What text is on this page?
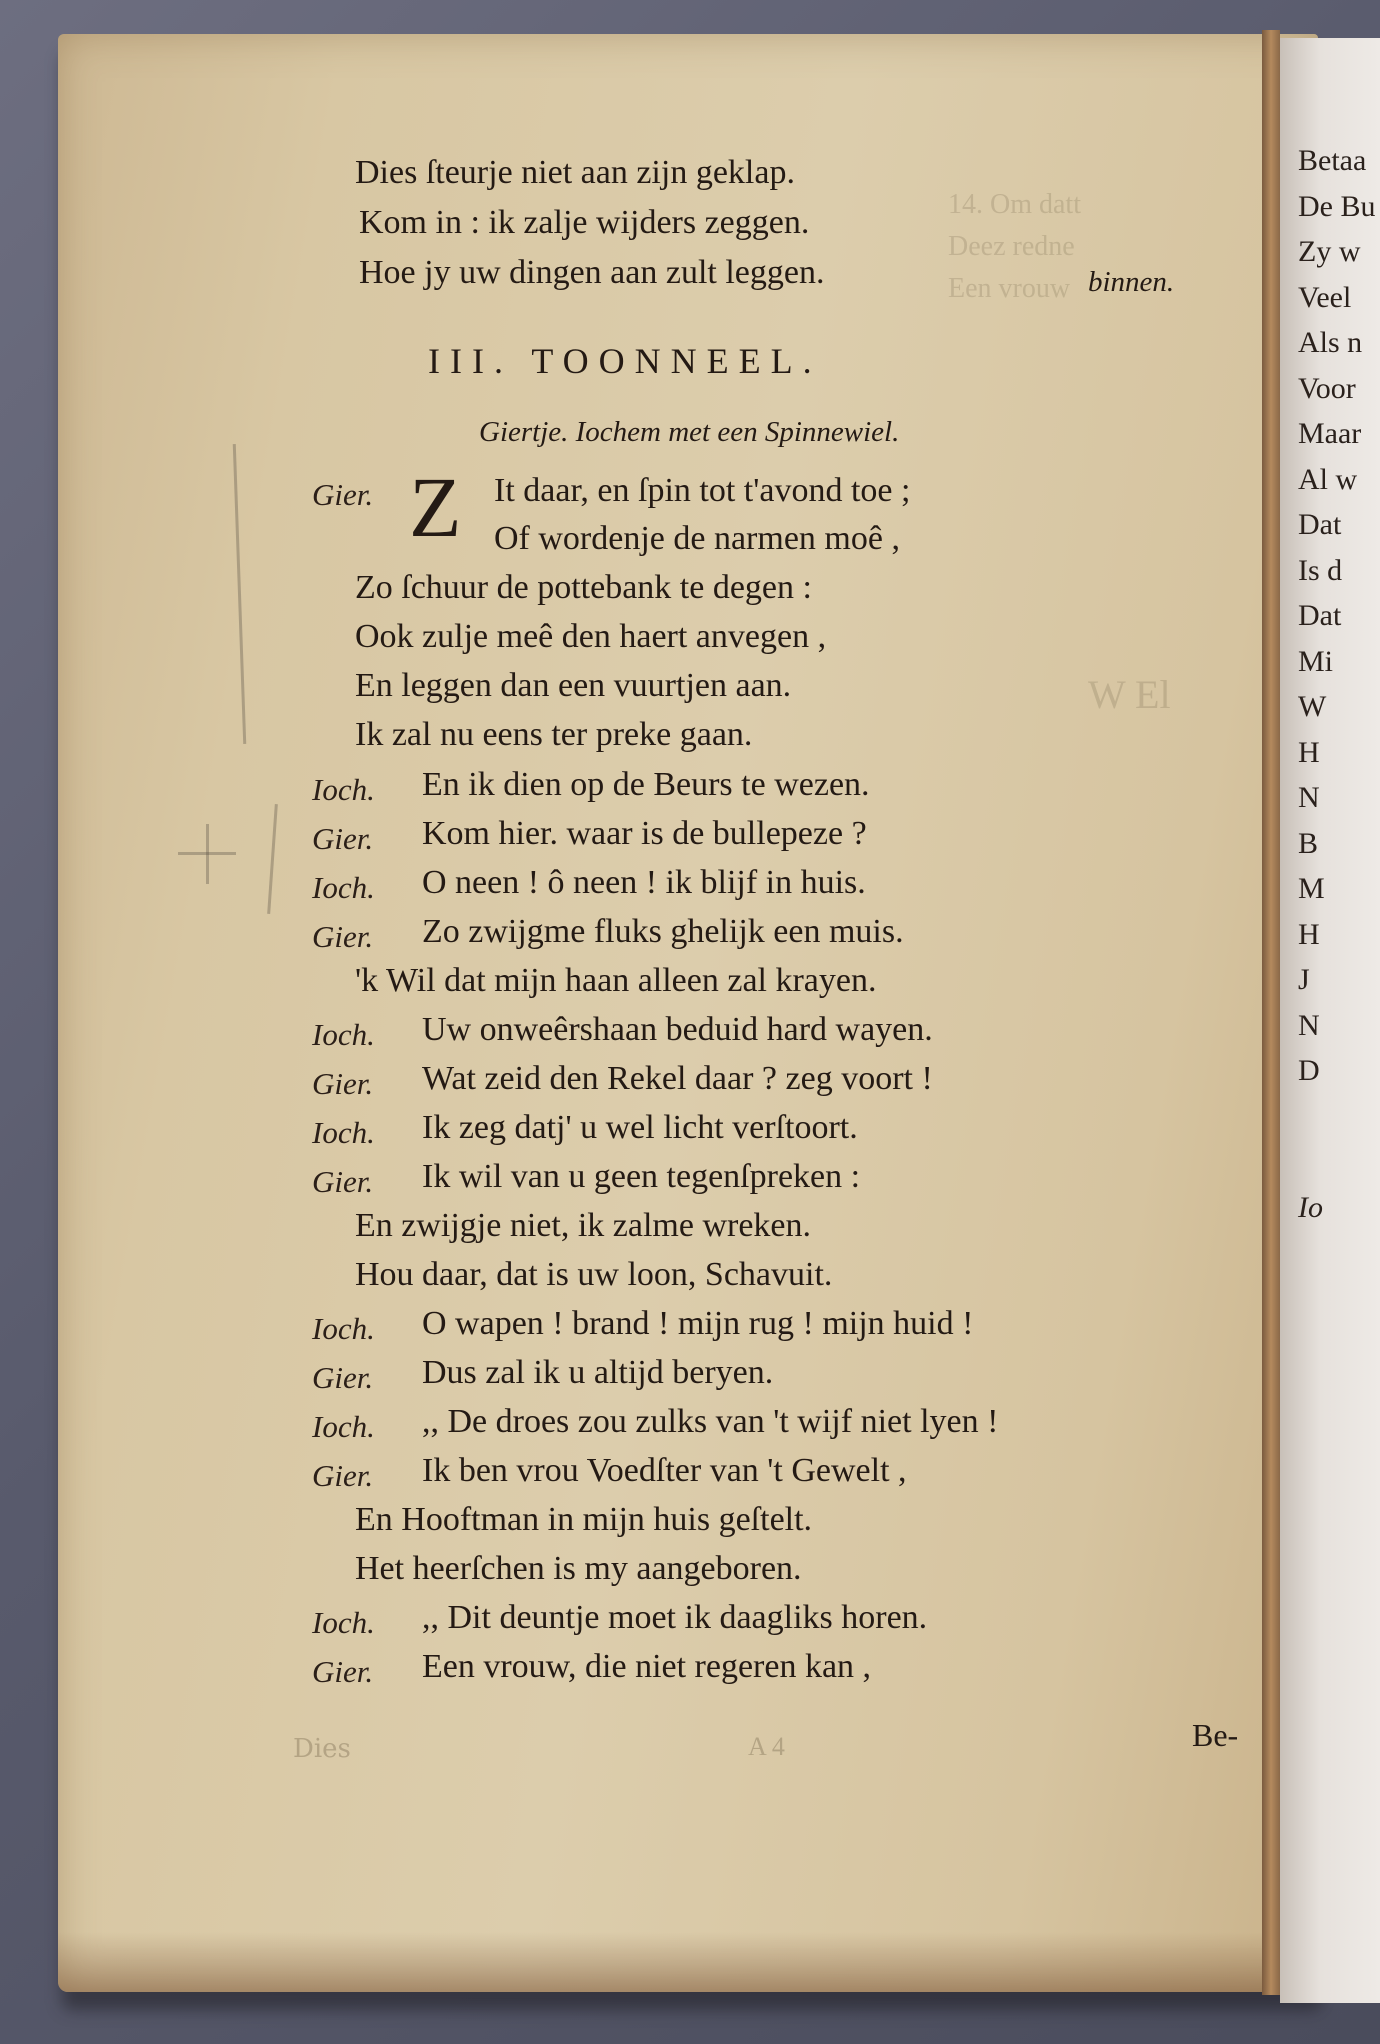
14. Om datt
Deez redne
Een vrouw
W El
Dies
Dies ſteurje niet aan zijn geklap.
Kom in : ik zalje wijders zeggen.
Hoe jy uw dingen aan zult leggen.	binnen.
III. TOONNEEL.
Giertje. Iochem met een Spinnewiel.
Gier. Z It daar, en ſpin tot t'avond toe ;
Of wordenje de narmen moê ,
Zo ſchuur de pottebank te degen :
Ook zulje meê den haert anvegen ,
En leggen dan een vuurtjen aan.
Ik zal nu eens ter preke gaan.
Ioch. En ik dien op de Beurs te wezen.
Gier. Kom hier. waar is de bullepeze ?
Ioch. O neen ! ô neen ! ik blijf in huis.
Gier. Zo zwijgme fluks ghelijk een muis.
'k Wil dat mijn haan alleen zal krayen.
Ioch. Uw onweêrshaan beduid hard wayen.
Gier. Wat zeid den Rekel daar ? zeg voort !
Ioch. Ik zeg datj' u wel licht verſtoort.
Gier. Ik wil van u geen tegenſpreken :
En zwijgje niet, ik zalme wreken.
Hou daar, dat is uw loon, Schavuit.
Ioch. O wapen ! brand ! mijn rug ! mijn huid !
Gier. Dus zal ik u altijd beryen.
Ioch. ,, De droes zou zulks van 't wijf niet lyen !
Gier. Ik ben vrou Voedſter van 't Gewelt ,
En Hooftman in mijn huis geſtelt.
Het heerſchen is my aangeboren.
Ioch. ,, Dit deuntje moet ik daagliks horen.
Gier. Een vrouw, die niet regeren kan ,
Be-
A 4
Betaa
De Bu
Zy w
Veel
Als n
Voor
Maar
Al w
Dat
Is d
Dat
Mi
W
H
N
B
M
H
J
N
D

Io
